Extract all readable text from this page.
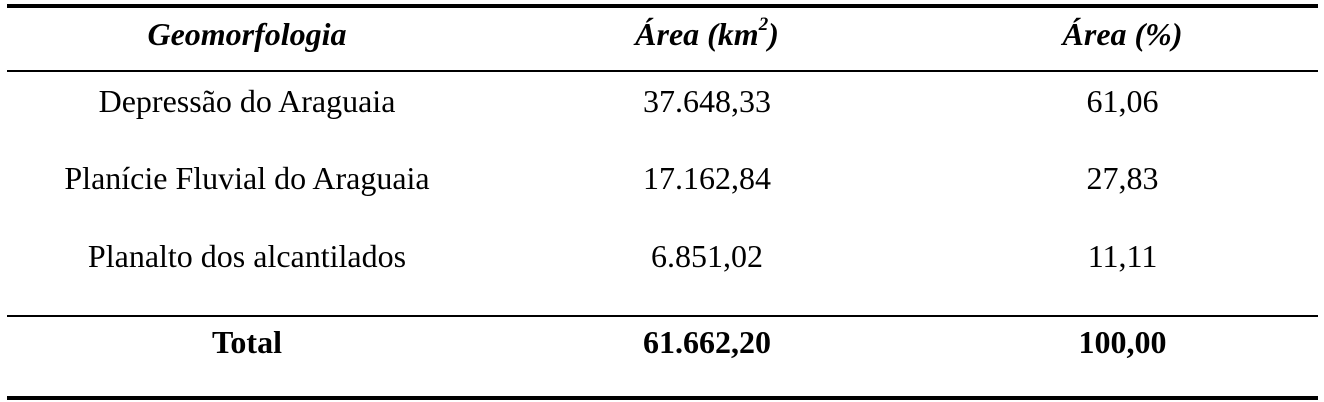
Geomorfologia	Área $(km^2)$	Área (%)
Depressão do Araguaia	37.648,33	61,06
Planície Fluvial do Araguaia	17.162,84	27,83
Planalto dos alcantilados	6.851,02	11,11
Total	61.662,20	100,00
